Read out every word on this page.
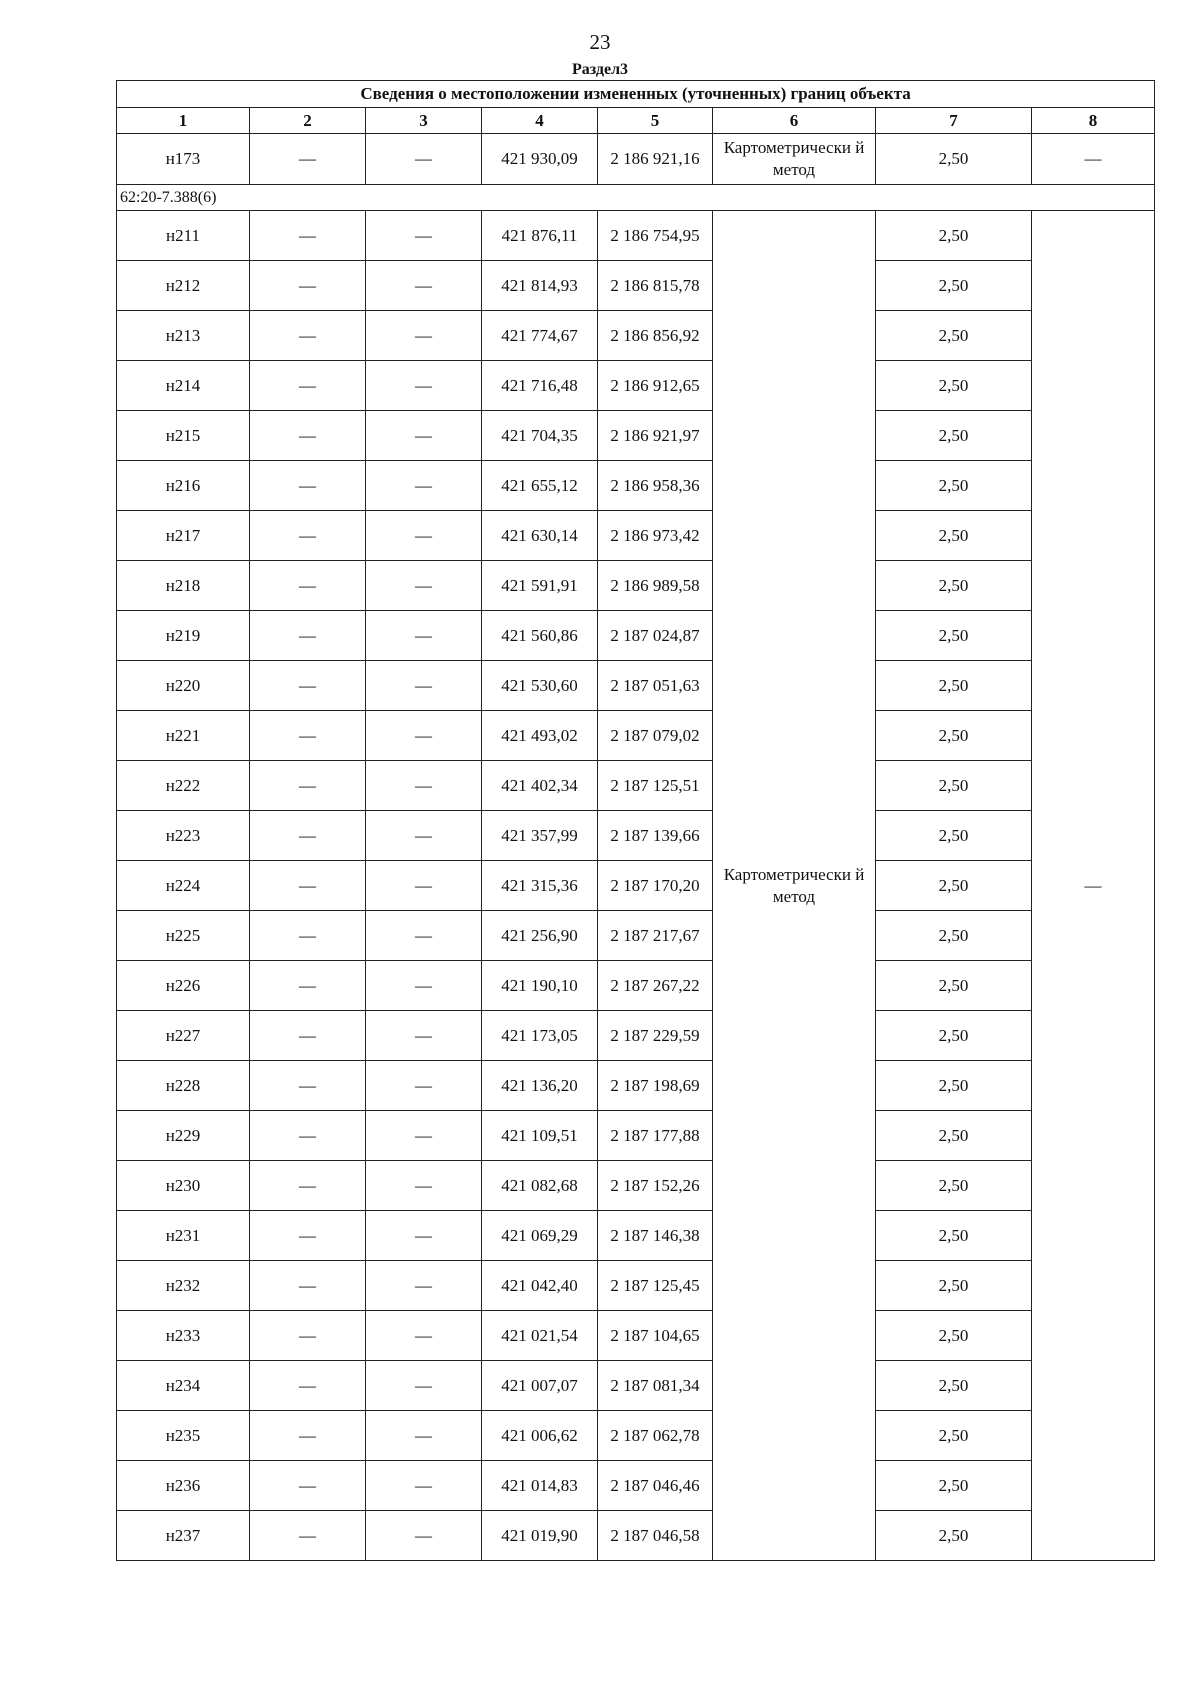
23
Раздел3
Сведения о местоположении измененных (уточненных) границ объекта							
1	2	3	4	5	6	7	8
н173	—	—	421 930,09	2 186 921,16	Картометрически й метод	2,50	—
62:20-7.388(6)							
н211	—	—	421 876,11	2 186 754,95	Картометрически й метод	2,50	—
н212	—	—	421 814,93	2 186 815,78		2,50	
н213	—	—	421 774,67	2 186 856,92		2,50	
н214	—	—	421 716,48	2 186 912,65		2,50	
н215	—	—	421 704,35	2 186 921,97		2,50	
н216	—	—	421 655,12	2 186 958,36		2,50	
н217	—	—	421 630,14	2 186 973,42		2,50	
н218	—	—	421 591,91	2 186 989,58		2,50	
н219	—	—	421 560,86	2 187 024,87		2,50	
н220	—	—	421 530,60	2 187 051,63		2,50	
н221	—	—	421 493,02	2 187 079,02		2,50	
н222	—	—	421 402,34	2 187 125,51		2,50	
н223	—	—	421 357,99	2 187 139,66		2,50	
н224	—	—	421 315,36	2 187 170,20		2,50	
н225	—	—	421 256,90	2 187 217,67		2,50	
н226	—	—	421 190,10	2 187 267,22		2,50	
н227	—	—	421 173,05	2 187 229,59		2,50	
н228	—	—	421 136,20	2 187 198,69		2,50	
н229	—	—	421 109,51	2 187 177,88		2,50	
н230	—	—	421 082,68	2 187 152,26		2,50	
н231	—	—	421 069,29	2 187 146,38		2,50	
н232	—	—	421 042,40	2 187 125,45		2,50	
н233	—	—	421 021,54	2 187 104,65		2,50	
н234	—	—	421 007,07	2 187 081,34		2,50	
н235	—	—	421 006,62	2 187 062,78		2,50	
н236	—	—	421 014,83	2 187 046,46		2,50	
н237	—	—	421 019,90	2 187 046,58		2,50	
